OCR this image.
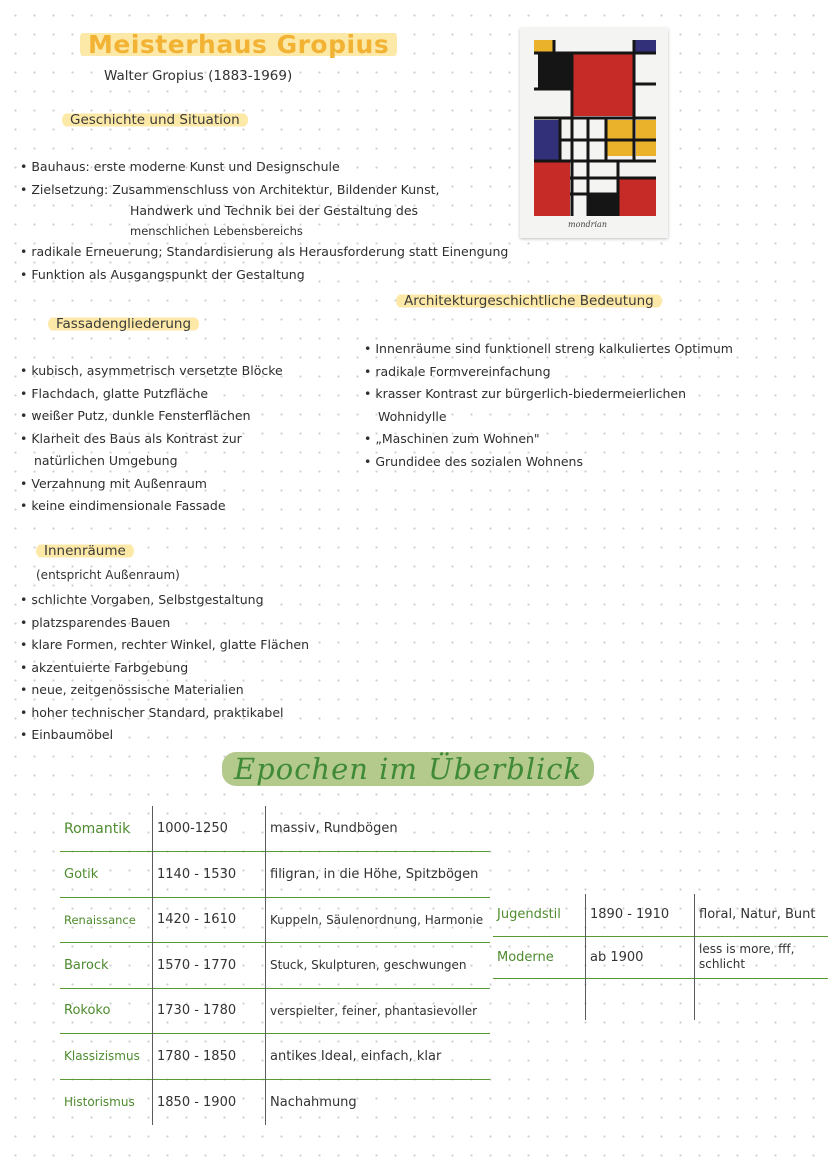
Meisterhaus Gropius
Walter Gropius (1883-1969)
Geschichte und Situation
• Bauhaus: erste moderne Kunst und Designschule
• Zielsetzung: Zusammenschluss von Architektur, Bildender Kunst,
Handwerk und Technik bei der Gestaltung des
menschlichen Lebensbereichs
• radikale Erneuerung; Standardisierung als Herausforderung statt Einengung
• Funktion als Ausgangspunkt der Gestaltung
Architekturgeschichtliche Bedeutung
• Innenräume sind funktionell streng kalkuliertes Optimum
• radikale Formvereinfachung
• krasser Kontrast zur bürgerlich-biedermeierlichen
Wohnidylle
• „Maschinen zum Wohnen"
• Grundidee des sozialen Wohnens
Fassadengliederung
• kubisch, asymmetrisch versetzte Blöcke
• Flachdach, glatte Putzfläche
• weißer Putz, dunkle Fensterflächen
• Klarheit des Baus als Kontrast zur
natürlichen Umgebung
• Verzahnung mit Außenraum
• keine eindimensionale Fassade
Innenräume
(entspricht Außenraum)
• schlichte Vorgaben, Selbstgestaltung
• platzsparendes Bauen
• klare Formen, rechter Winkel, glatte Flächen
• akzentuierte Farbgebung
• neue, zeitgenössische Materialien
• hoher technischer Standard, praktikabel
• Einbaumöbel
mondrian
Epochen im Überblick
Romantik	1000-1250	massiv, Rundbögen
Gotik	1140 - 1530	filigran, in die Höhe, Spitzbögen
Renaissance	1420 - 1610	Kuppeln, Säulenordnung, Harmonie
Barock	1570 - 1770	Stuck, Skulpturen, geschwungen
Rokoko	1730 - 1780	verspielter, feiner, phantasievoller
Klassizismus	1780 - 1850	antikes Ideal, einfach, klar
Historismus	1850 - 1900	Nachahmung
Jugendstil	1890 - 1910	floral, Natur, Bunt
Moderne	ab 1900	less is more, fff, schlicht
